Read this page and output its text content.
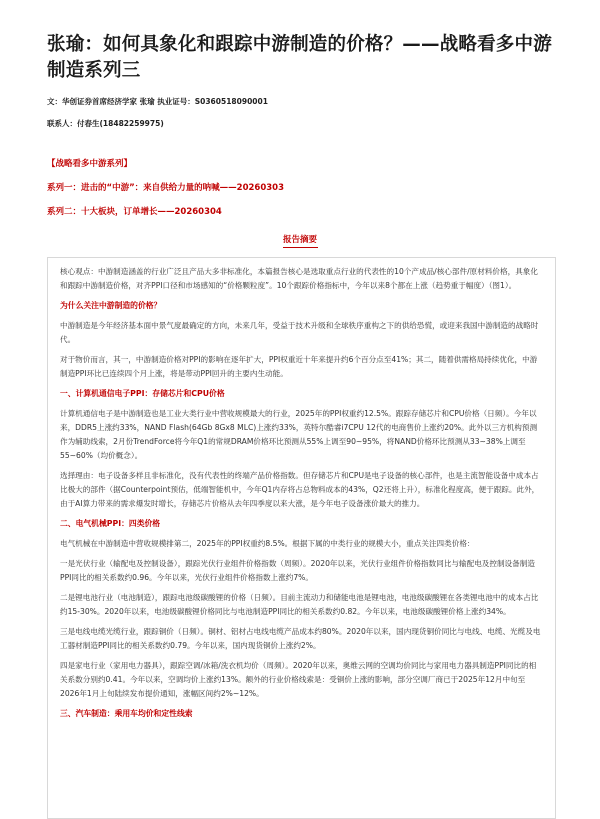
张瑜：如何具象化和跟踪中游制造的价格？——战略看多中游制造系列三
文：华创证券首席经济学家 张瑜 执业证号：S0360518090001
联系人：付春生(18482259975)
【战略看多中游系列】
系列一：进击的“中游”：来自供给力量的呐喊——20260303
系列二：十大板块，订单增长——20260304
报告摘要

核心观点：中游制造涵盖的行业广泛且产品大多非标准化，本篇报告核心是选取重点行业的代表性的10个产成品/核心部件/原材料价格，具象化和跟踪中游制造价格，对齐PPI口径和市场感知的“价格颗粒度”。10个跟踪价格指标中，今年以来8个都在上涨（趋势重于幅度）（图1）。

为什么关注中游制造的价格？

中游制造是今年经济基本面中景气度最确定的方向，未来几年，受益于技术升级和全球秩序重构之下的供给恐慌，或迎来我国中游制造的战略时代。

对于物价而言，其一，中游制造价格对PPI的影响在逐年扩大，PPI权重近十年来提升约6个百分点至41%；其二，随着供需格局持续优化，中游制造PPI环比已连续四个月上涨，将是带动PPI回升的主要内生动能。

一、计算机通信电子PPI：存储芯片和CPU价格

计算机通信电子是中游制造也是工业大类行业中营收规模最大的行业，2025年的PPI权重约12.5%。跟踪存储芯片和CPU价格（日频）。今年以来，DDR5上涨约33%，NAND Flash(64Gb 8Gx8 MLC)上涨约33%，英特尔酷睿i7CPU 12代的电商售价上涨约20%。此外以三方机构预测作为辅助线索，2月份TrendForce将今年Q1的常规DRAM价格环比预测从55%上调至90~95%，将NAND价格环比预测从33~38%上调至55~60%（均价概念）。

选择理由：电子设备多样且非标准化，没有代表性的终端产品价格指数。但存储芯片和CPU是电子设备的核心部件，也是主流智能设备中成本占比极大的部件（据Counterpoint预估，低端智能机中，今年Q1内存将占总物料成本的43%，Q2还将上升），标准化程度高，便于跟踪。此外，由于AI算力带来的需求爆发时增长，存储芯片价格从去年四季度以来大涨，是今年电子设备涨价最大的推力。

二、电气机械PPI：四类价格

电气机械在中游制造中营收规模排第二，2025年的PPI权重约8.5%。根据下属的中类行业的规模大小，重点关注四类价格：

一是光伏行业（输配电及控制设备），跟踪光伏行业组件价格指数（周频）。2020年以来，光伏行业组件价格指数同比与输配电及控制设备制造PPI同比的相关系数约0.96。今年以来，光伏行业组件价格指数上涨约7%。

二是锂电池行业（电池制造），跟踪电池级碳酸锂的价格（日频）。目前主流动力和储能电池是锂电池，电池级碳酸锂在各类锂电池中的成本占比约15-30%。2020年以来，电池级碳酸锂价格同比与电池制造PPI同比的相关系数约0.82。今年以来，电池级碳酸锂价格上涨约34%。

三是电线电缆光缆行业，跟踪铜价（日频）。铜材、铝材占电线电缆产品成本约80%。2020年以来，国内现货铜价同比与电线、电缆、光缆及电工器材制造PPI同比的相关系数约0.79。今年以来，国内现货铜价上涨约2%。

四是家电行业（家用电力器具），跟踪空调/冰箱/洗衣机均价（周频）。2020年以来，奥维云网的空调均价同比与家用电力器具制造PPI同比的相关系数分别约0.41。今年以来，空调均价上涨约13%。额外的行业价格线索是：受铜价上涨的影响，部分空调厂商已于2025年12月中旬至2026年1月上旬陆续发布提价通知，涨幅区间约2%~12%。

三、汽车制造：乘用车均价和定性线索
